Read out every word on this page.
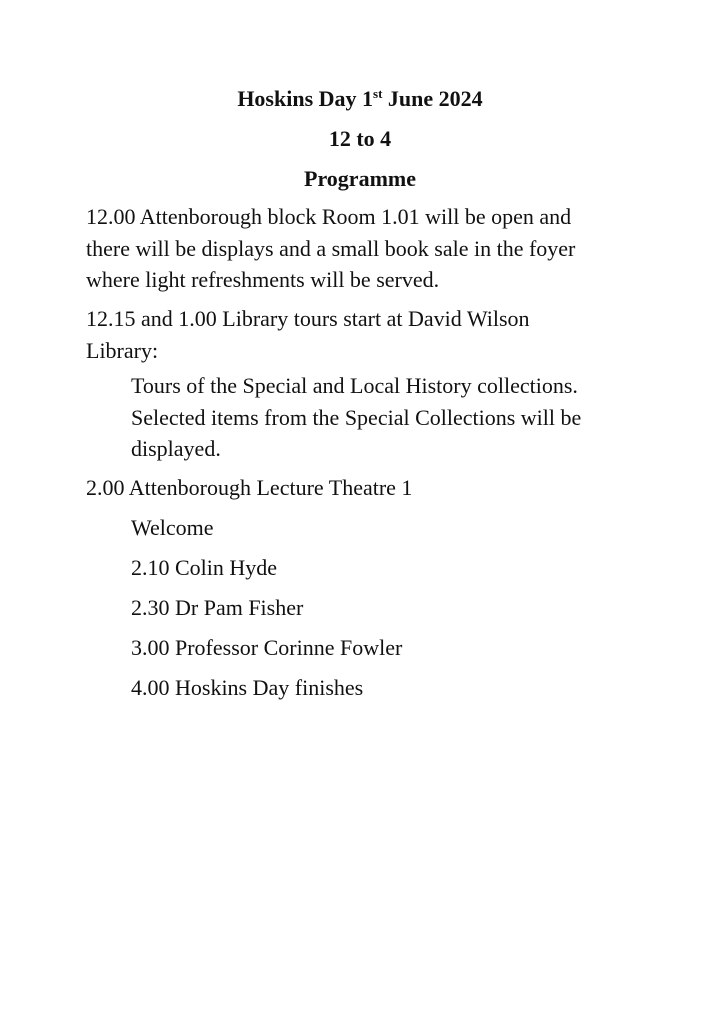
Hoskins Day 1st June 2024
12 to 4
Programme
12.00 Attenborough block Room 1.01 will be open and
there will be displays and a small book sale in the foyer
where light refreshments will be served.
12.15 and 1.00 Library tours start at David Wilson
Library:
Tours of the Special and Local History collections.
Selected items from the Special Collections will be
displayed.
2.00 Attenborough Lecture Theatre 1
Welcome
2.10 Colin Hyde
2.30 Dr Pam Fisher
3.00 Professor Corinne Fowler
4.00 Hoskins Day finishes
